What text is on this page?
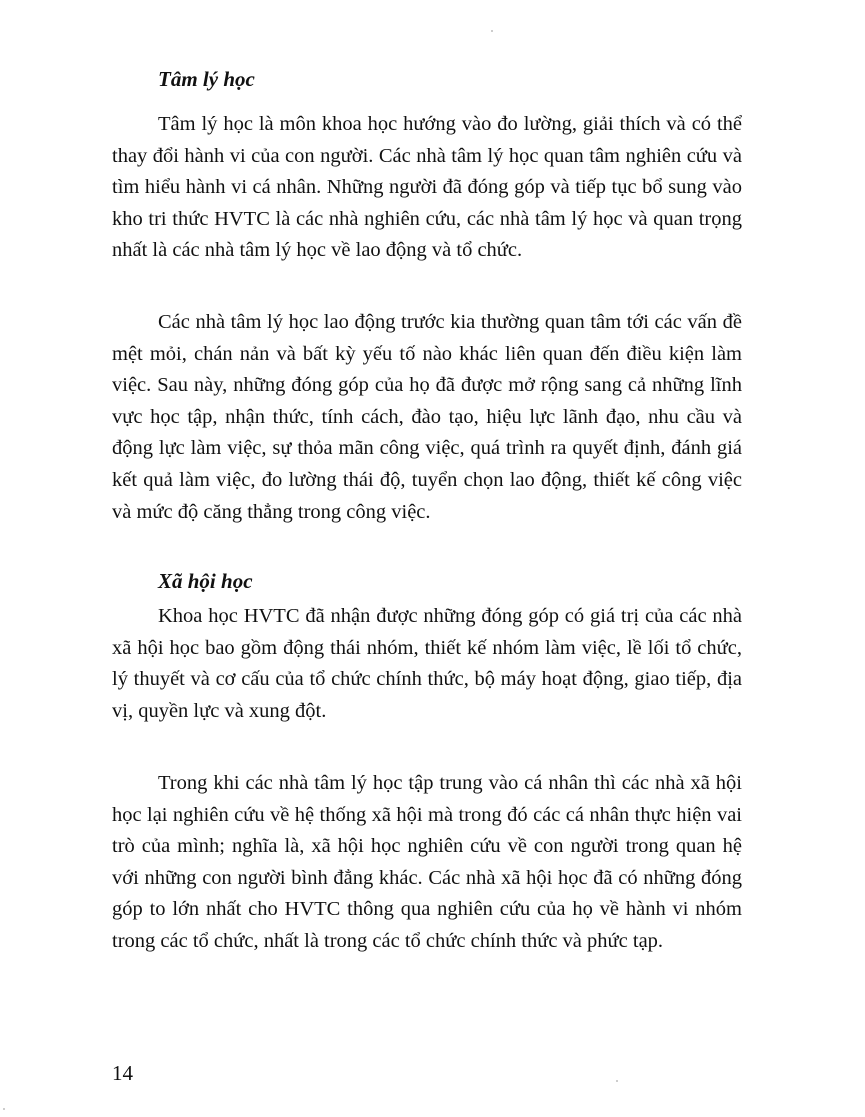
Tâm lý học

Tâm lý học là môn khoa học hướng vào đo lường, giải thích và có thể thay đổi hành vi của con người. Các nhà tâm lý học quan tâm nghiên cứu và tìm hiểu hành vi cá nhân. Những người đã đóng góp và tiếp tục bổ sung vào kho tri thức HVTC là các nhà nghiên cứu, các nhà tâm lý học và quan trọng nhất là các nhà tâm lý học về lao động và tổ chức.

Các nhà tâm lý học lao động trước kia thường quan tâm tới các vấn đề mệt mỏi, chán nản và bất kỳ yếu tố nào khác liên quan đến điều kiện làm việc. Sau này, những đóng góp của họ đã được mở rộng sang cả những lĩnh vực học tập, nhận thức, tính cách, đào tạo, hiệu lực lãnh đạo, nhu cầu và động lực làm việc, sự thỏa mãn công việc, quá trình ra quyết định, đánh giá kết quả làm việc, đo lường thái độ, tuyển chọn lao động, thiết kế công việc và mức độ căng thẳng trong công việc.

Xã hội học

Khoa học HVTC đã nhận được những đóng góp có giá trị của các nhà xã hội học bao gồm động thái nhóm, thiết kế nhóm làm việc, lề lối tổ chức, lý thuyết và cơ cấu của tổ chức chính thức, bộ máy hoạt động, giao tiếp, địa vị, quyền lực và xung đột.

Trong khi các nhà tâm lý học tập trung vào cá nhân thì các nhà xã hội học lại nghiên cứu về hệ thống xã hội mà trong đó các cá nhân thực hiện vai trò của mình; nghĩa là, xã hội học nghiên cứu về con người trong quan hệ với những con người bình đẳng khác. Các nhà xã hội học đã có những đóng góp to lớn nhất cho HVTC thông qua nghiên cứu của họ về hành vi nhóm trong các tổ chức, nhất là trong các tổ chức chính thức và phức tạp.

14
